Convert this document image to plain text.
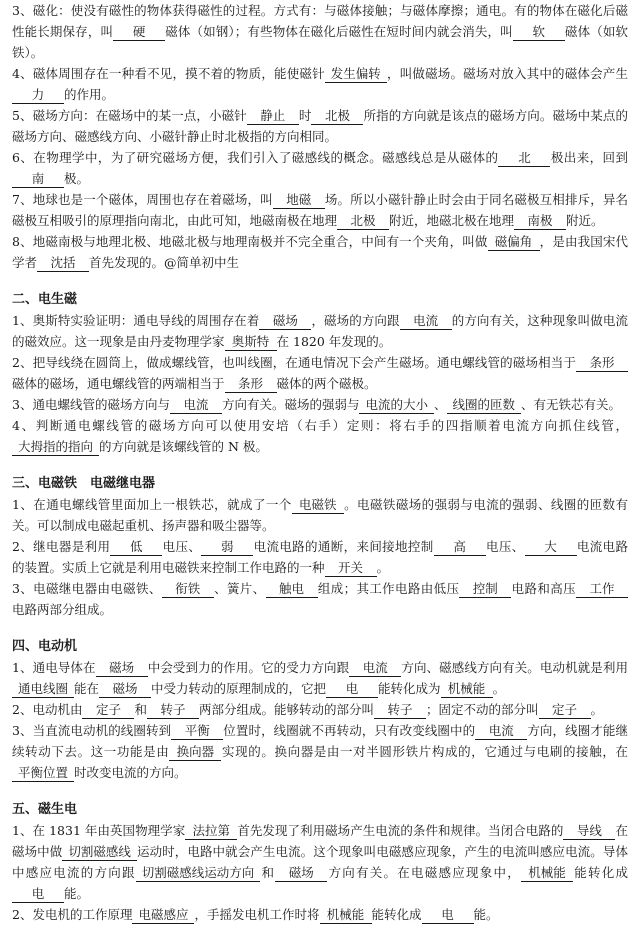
3、磁化：使没有磁性的物体获得磁性的过程。方式有：与磁体接触；与磁体摩擦；通电。有的物体在磁化后磁性能长期保存，叫 硬 磁体（如钢）；有些物体在磁化后磁性在短时间内就会消失，叫 软 磁体（如软铁）。

4、磁体周围存在一种看不见，摸不着的物质，能使磁针 发生偏转 ，叫做磁场。磁场对放入其中的磁体会产生力 的作用。

5、磁场方向：在磁场中的某一点，小磁针 静止 时 北极 所指的方向就是该点的磁场方向。磁场中某点的磁场方向、磁感线方向、小磁针静止时北极指的方向相同。

6、在物理学中，为了研究磁场方便，我们引入了磁感线的概念。磁感线总是从磁体的 北 极出来，回到南 极。

7、地球也是一个磁体，周围也存在着磁场，叫 地磁 场。所以小磁针静止时会由于同名磁极互相排斥，异名磁极互相吸引的原理指向南北，由此可知，地磁南极在地理 北极 附近，地磁北极在地理 南极 附近。

8、地磁南极与地理北极、地磁北极与地理南极并不完全重合，中间有一个夹角，叫做 磁偏角 ，是由我国宋代学者 沈括 首先发现的。@简单初中生

二、电生磁

1、奥斯特实验证明：通电导线的周围存在着 磁场 ，磁场的方向跟 电流 的方向有关，这种现象叫做电流的磁效应。这一现象是由丹麦物理学家 奥斯特 在 1820 年发现的。

2、把导线绕在圆筒上，做成螺线管，也叫线圈，在通电情况下会产生磁场。通电螺线管的磁场相当于 条形磁体的磁场，通电螺线管的两端相当于 条形 磁体的两个磁极。

3、通电螺线管的磁场方向与 电流 方向有关。磁场的强弱与 电流的大小 、 线圈的匝数 、有无铁芯有关。

4、判断通电螺线管的磁场方向可以使用安培（右手）定则：将右手的四指顺着电流方向抓住线管，大拇指的指向 的方向就是该螺线管的 N 极。

三、电磁铁　电磁继电器

1、在通电螺线管里面加上一根铁芯，就成了一个 电磁铁 。电磁铁磁场的强弱与电流的强弱、线圈的匝数有关。可以制成电磁起重机、扬声器和吸尘器等。

2、继电器是利用 低 电压、 弱 电流电路的通断，来间接地控制 高 电压、 大 电流电路的装置。实质上它就是利用电磁铁来控制工作电路的一种 开关 。

3、电磁继电器由电磁铁、 衔铁 、簧片、 触电 组成；其工作电路由低压 控制 电路和高压 工作电路两部分组成。

四、电动机

1、通电导体在 磁场 中会受到力的作用。它的受力方向跟 电流 方向、磁感线方向有关。电动机就是利用通电线圈 能在 磁场 中受力转动的原理制成的，它把 电 能转化成为 机械能 。

2、电动机由 定子 和 转子 两部分组成。能够转动的部分叫 转子 ；固定不动的部分叫 定子 。

3、当直流电动机的线圈转到 平衡 位置时，线圈就不再转动，只有改变线圈中的 电流 方向，线圈才能继续转动下去。这一功能是由 换向器 实现的。换向器是由一对半圆形铁片构成的，它通过与电刷的接触，在平衡位置 时改变电流的方向。

五、磁生电

1、在 1831 年由英国物理学家 法拉第 首先发现了利用磁场产生电流的条件和规律。当闭合电路的 导线 在磁场中做 切割磁感线 运动时，电路中就会产生电流。这个现象叫电磁感应现象，产生的电流叫感应电流。导体中感应电流的方向跟 切割磁感线运动方向 和 磁场 方向有关。在电磁感应现象中， 机械能 能转化成电 能。

2、发电机的工作原理 电磁感应 ，手摇发电机工作时将 机械能 能转化成 电 能。
